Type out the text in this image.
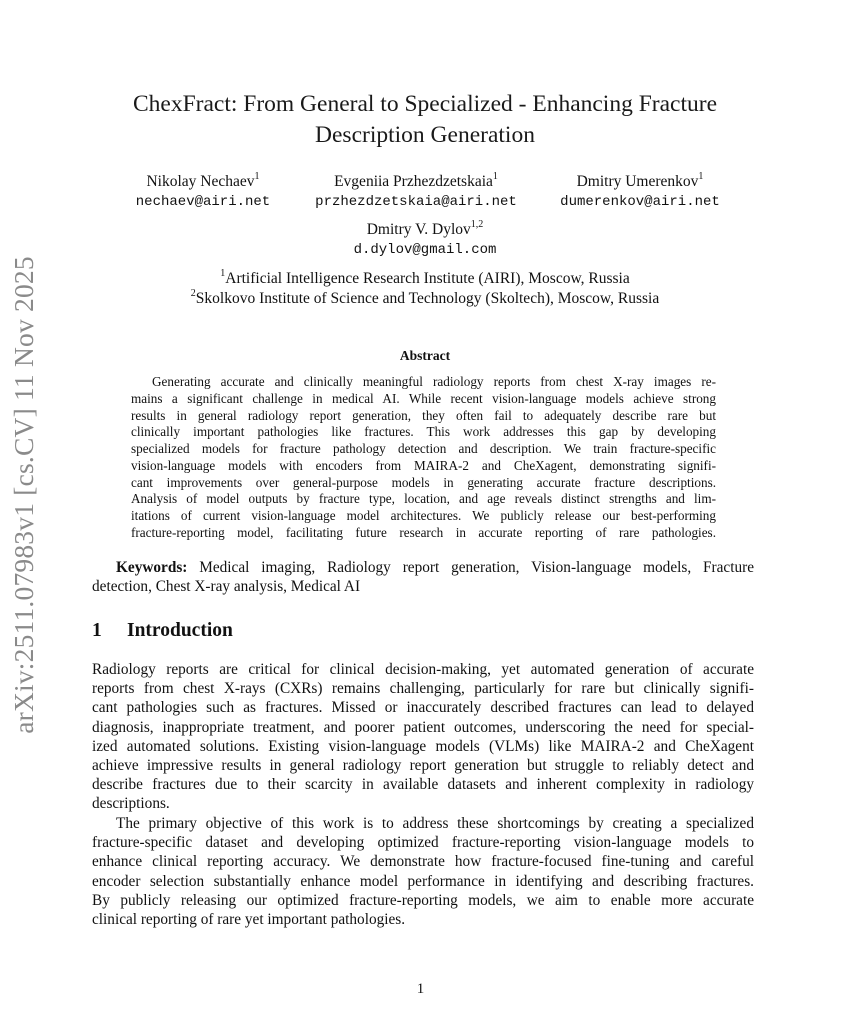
arXiv:2511.07983v1 [cs.CV] 11 Nov 2025
ChexFract: From General to Specialized - Enhancing Fracture
Description Generation
Nikolay Nechaev$^1$
nechaev@airi.net
Evgeniia Przhezdzetskaia$^1$
przhezdzetskaia@airi.net
Dmitry Umerenkov$^1$
dumerenkov@airi.net
Dmitry V. Dylov$^{1,2}$
d.dylov@gmail.com
$^1$Artificial Intelligence Research Institute (AIRI), Moscow, Russia
$^2$Skolkovo Institute of Science and Technology (Skoltech), Moscow, Russia
Abstract
Generating accurate and clinically meaningful radiology reports from chest X-ray images re-
mains a significant challenge in medical AI. While recent vision-language models achieve strong
results in general radiology report generation, they often fail to adequately describe rare but
clinically important pathologies like fractures. This work addresses this gap by developing
specialized models for fracture pathology detection and description. We train fracture-specific
vision-language models with encoders from MAIRA-2 and CheXagent, demonstrating signifi-
cant improvements over general-purpose models in generating accurate fracture descriptions.
Analysis of model outputs by fracture type, location, and age reveals distinct strengths and lim-
itations of current vision-language model architectures. We publicly release our best-performing
fracture-reporting model, facilitating future research in accurate reporting of rare pathologies.
Keywords: Medical imaging, Radiology report generation, Vision-language models, Fracture
detection, Chest X-ray analysis, Medical AI
1 Introduction
Radiology reports are critical for clinical decision-making, yet automated generation of accurate
reports from chest X-rays (CXRs) remains challenging, particularly for rare but clinically signifi-
cant pathologies such as fractures. Missed or inaccurately described fractures can lead to delayed
diagnosis, inappropriate treatment, and poorer patient outcomes, underscoring the need for special-
ized automated solutions. Existing vision-language models (VLMs) like MAIRA-2 and CheXagent
achieve impressive results in general radiology report generation but struggle to reliably detect and
describe fractures due to their scarcity in available datasets and inherent complexity in radiology
descriptions.
The primary objective of this work is to address these shortcomings by creating a specialized
fracture-specific dataset and developing optimized fracture-reporting vision-language models to
enhance clinical reporting accuracy. We demonstrate how fracture-focused fine-tuning and careful
encoder selection substantially enhance model performance in identifying and describing fractures.
By publicly releasing our optimized fracture-reporting models, we aim to enable more accurate
clinical reporting of rare yet important pathologies.
1
